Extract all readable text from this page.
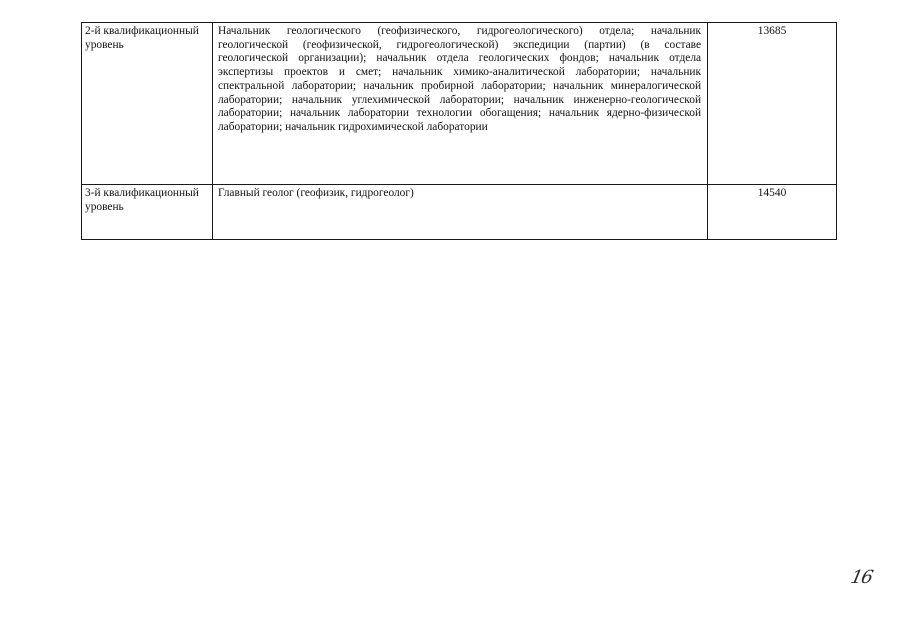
2-й квалификационный уровень	Начальник геологического (геофизического, гидрогеологического) отдела; начальник геологической (геофизической, гидрогеологической) экспедиции (партии) (в составе геологической организации); начальник отдела геологических фондов; начальник отдела экспертизы проектов и смет; начальник химико-аналитической лаборатории; начальник спектральной лаборатории; начальник пробирной лаборатории; начальник минералогической лаборатории; начальник углехимической лаборатории; начальник инженерно-геологической лаборатории; начальник лаборатории технологии обогащения; начальник ядерно-физической лаборатории; начальник гидрохимической лаборатории	13685
3-й квалификационный уровень	Главный геолог (геофизик, гидрогеолог)	14540
16
